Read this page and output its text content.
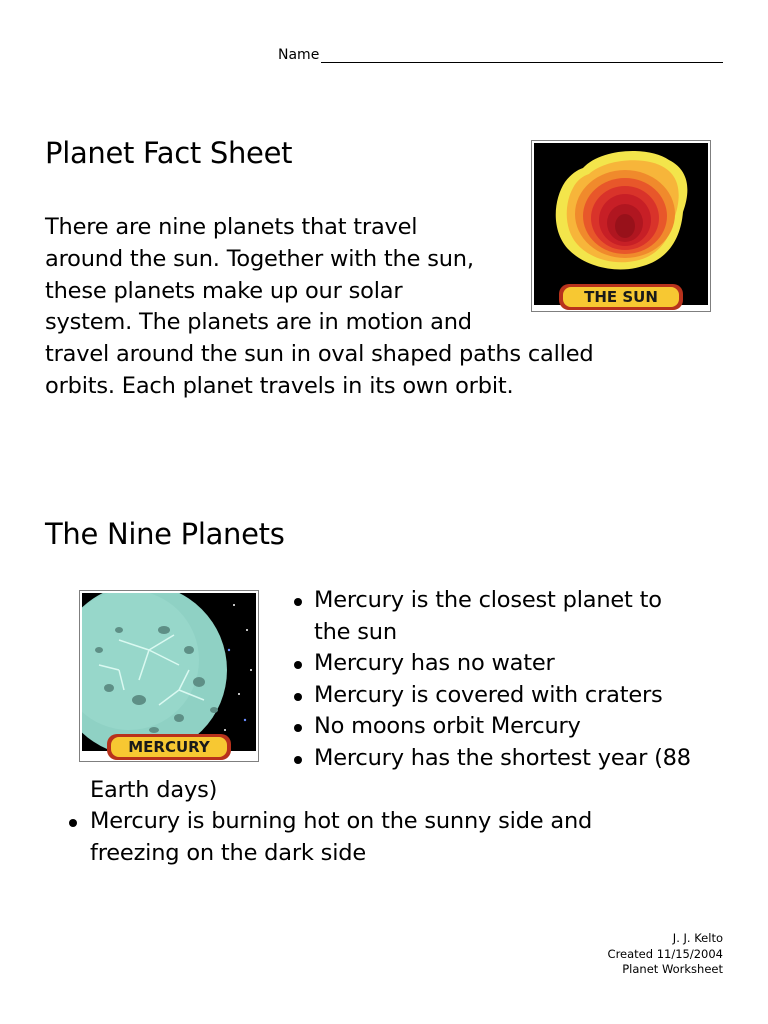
Name
Planet Fact Sheet
THE SUN
There are nine planets that travel
around the sun. Together with the sun,
these planets make up our solar
system. The planets are in motion and
travel around the sun in oval shaped paths called
orbits. Each planet travels in its own orbit.
The Nine Planets
MERCURY
Mercury is the closest planet to
the sun
Mercury has no water
Mercury is covered with craters
No moons orbit Mercury
Mercury has the shortest year (88
Earth days)
Mercury is burning hot on the sunny side and
freezing on the dark side
J. J. Kelto
Created 11/15/2004
Planet Worksheet
